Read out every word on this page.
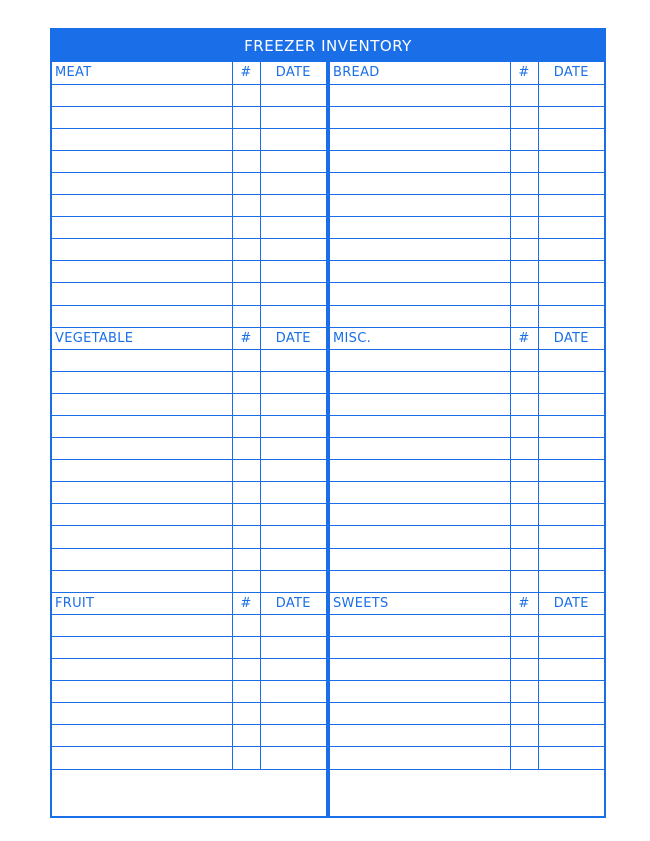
FREEZER INVENTORY
MEAT	#	DATE

VEGETABLE	#	DATE

FRUIT	#	DATE

BREAD	#	DATE

MISC.	#	DATE

SWEETS	#	DATE
